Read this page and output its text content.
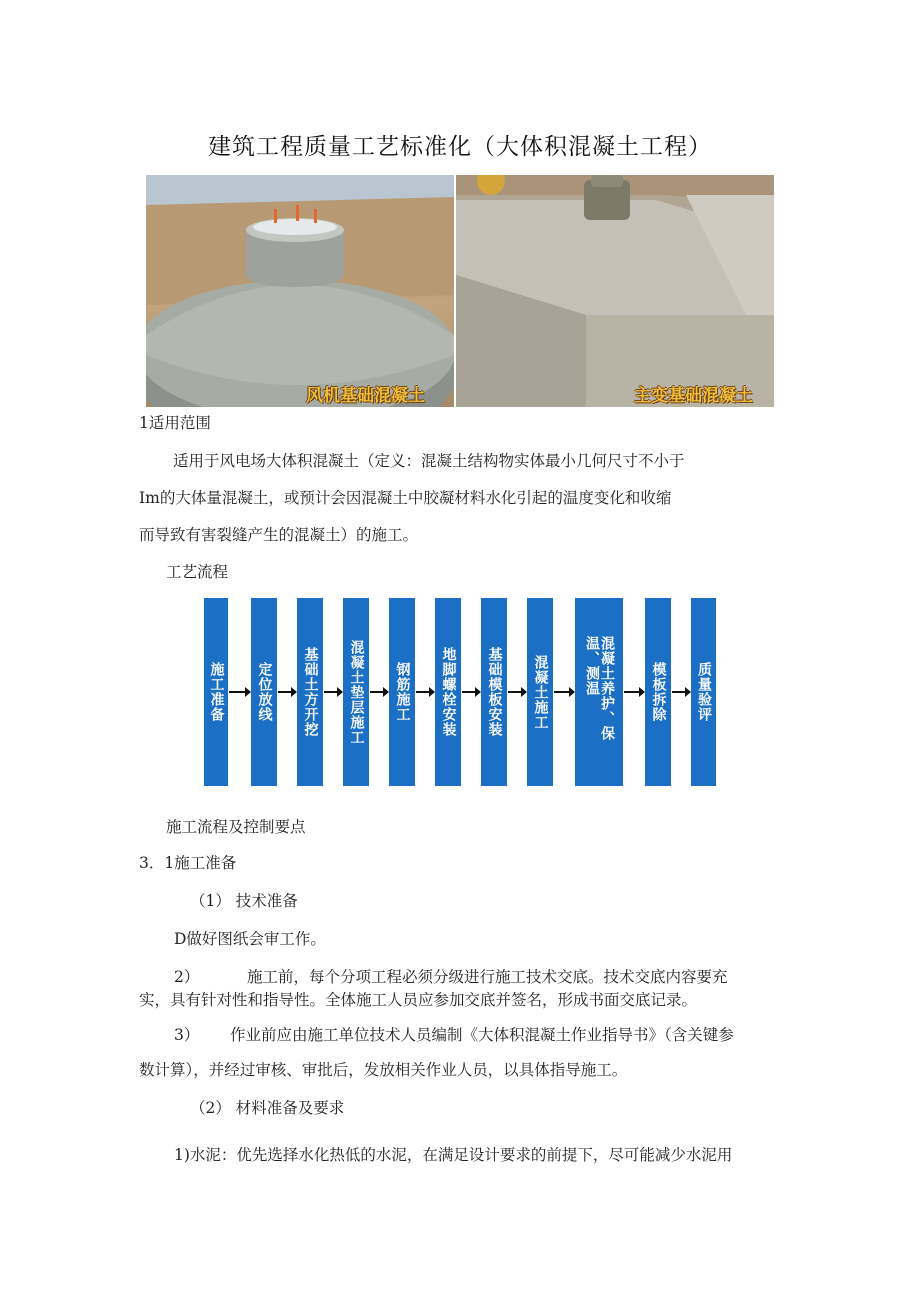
建筑工程质量工艺标准化（大体积混凝土工程）
风机基础混凝土	主变基础混凝土
1适用范围
适用于风电场大体积混凝土（定义：混凝土结构物实体最小几何尺寸不小于
Im的大体量混凝土，或预计会因混凝土中胶凝材料水化引起的温度变化和收缩
而导致有害裂缝产生的混凝土）的施工。
工艺流程
施工准备 定位放线 基础土方开挖 混凝土垫层施工 钢筋施工 地脚螺栓安装 基础模板安装 混凝土施工	混凝土养护、保温、测温	模板拆除 质量验评
施工流程及控制要点
3．1施工准备
（1） 技术准备
D做好图纸会审工作。
2）	施工前，每个分项工程必须分级进行施工技术交底。技术交底内容要充
实，具有针对性和指导性。全体施工人员应参加交底并签名，形成书面交底记录。
3） 作业前应由施工单位技术人员编制《大体积混凝土作业指导书》（含关键参
数计算），并经过审核、审批后，发放相关作业人员，以具体指导施工。
（2） 材料准备及要求
1)水泥：优先选择水化热低的水泥，在满足设计要求的前提下，尽可能减少水泥用
